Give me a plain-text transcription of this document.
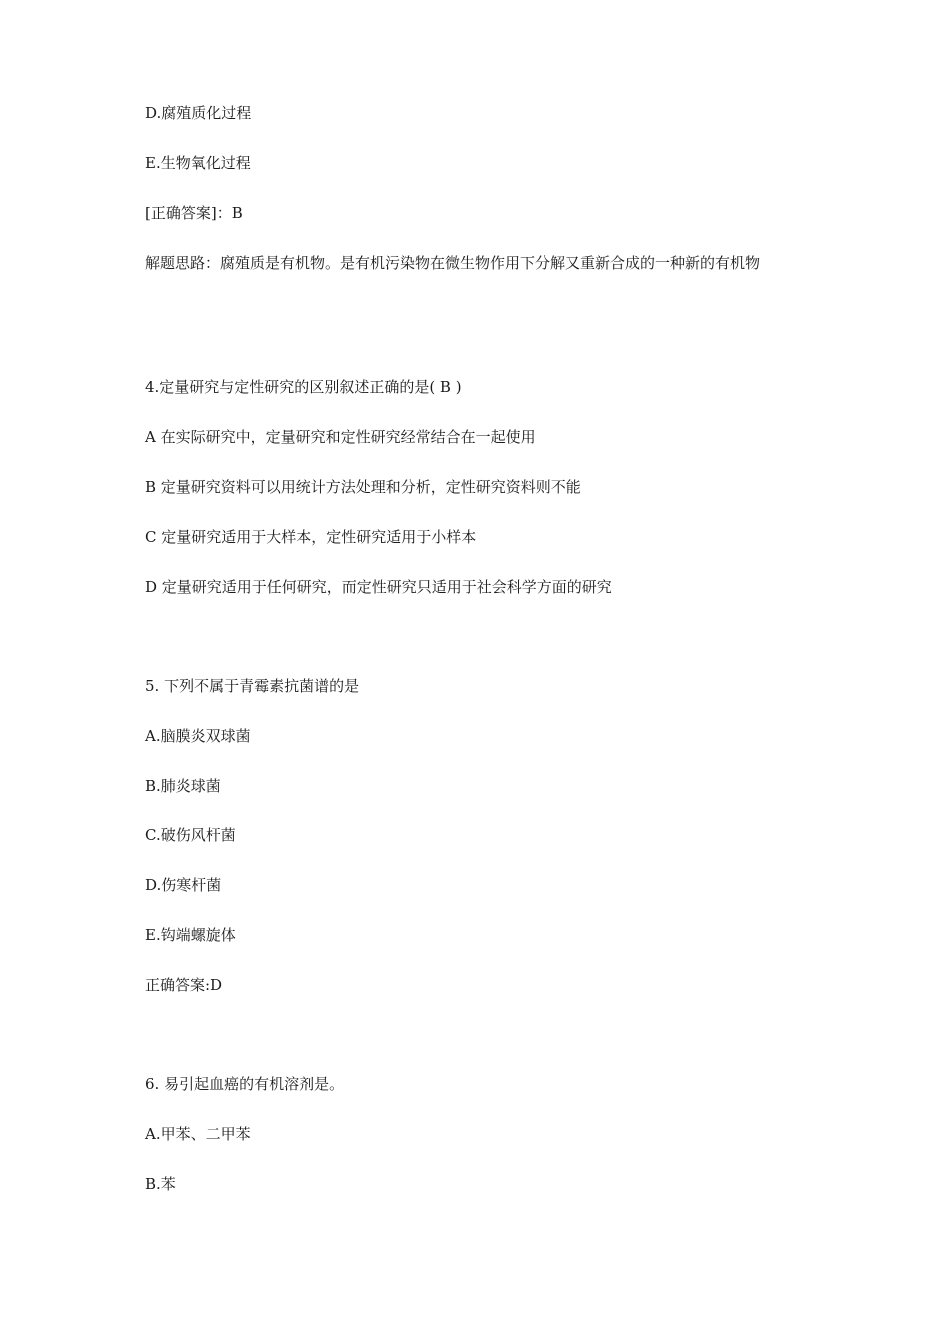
D.腐殖质化过程
E.生物氧化过程
[正确答案]：B
解题思路：腐殖质是有机物。是有机污染物在微生物作用下分解又重新合成的一种新的有机物
4.定量研究与定性研究的区别叙述正确的是( B )
A 在实际研究中，定量研究和定性研究经常结合在一起使用
B 定量研究资料可以用统计方法处理和分析，定性研究资料则不能
C 定量研究适用于大样本，定性研究适用于小样本
D 定量研究适用于任何研究，而定性研究只适用于社会科学方面的研究
5. 下列不属于青霉素抗菌谱的是
A.脑膜炎双球菌
B.肺炎球菌
C.破伤风杆菌
D.伤寒杆菌
E.钩端螺旋体
正确答案:D
6. 易引起血癌的有机溶剂是。
A.甲苯、二甲苯
B.苯
